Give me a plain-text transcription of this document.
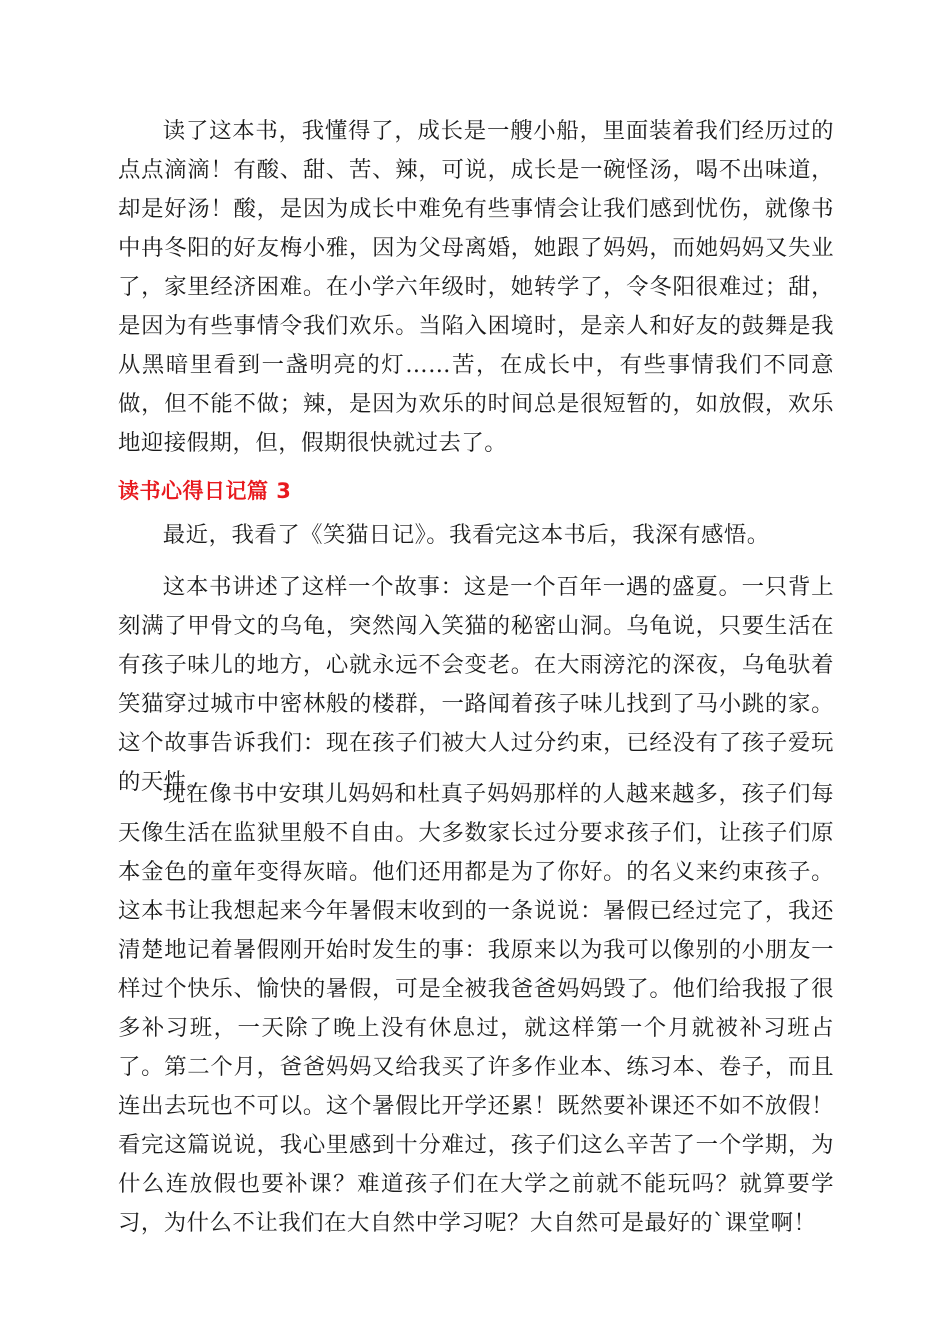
读了这本书，我懂得了，成长是一艘小船，里面装着我们经历过的点点滴滴！有酸、甜、苦、辣，可说，成长是一碗怪汤，喝不出味道，却是好汤！酸，是因为成长中难免有些事情会让我们感到忧伤，就像书中冉冬阳的好友梅小雅，因为父母离婚，她跟了妈妈，而她妈妈又失业了，家里经济困难。在小学六年级时，她转学了，令冬阳很难过；甜，是因为有些事情令我们欢乐。当陷入困境时，是亲人和好友的鼓舞是我从黑暗里看到一盏明亮的灯……苦，在成长中，有些事情我们不同意做，但不能不做；辣，是因为欢乐的时间总是很短暂的，如放假，欢乐地迎接假期，但，假期很快就过去了。

读书心得日记篇 3

最近，我看了《笑猫日记》。我看完这本书后，我深有感悟。

这本书讲述了这样一个故事：这是一个百年一遇的盛夏。一只背上刻满了甲骨文的乌龟，突然闯入笑猫的秘密山洞。乌龟说，只要生活在有孩子味儿的地方，心就永远不会变老。在大雨滂沱的深夜，乌龟驮着笑猫穿过城市中密林般的楼群，一路闻着孩子味儿找到了马小跳的家。这个故事告诉我们：现在孩子们被大人过分约束，已经没有了孩子爱玩的天性。

现在像书中安琪儿妈妈和杜真子妈妈那样的人越来越多，孩子们每天像生活在监狱里般不自由。大多数家长过分要求孩子们，让孩子们原本金色的童年变得灰暗。他们还用都是为了你好。的名义来约束孩子。这本书让我想起来今年暑假末收到的一条说说：暑假已经过完了，我还清楚地记着暑假刚开始时发生的事：我原来以为我可以像别的小朋友一样过个快乐、愉快的暑假，可是全被我爸爸妈妈毁了。他们给我报了很多补习班，一天除了晚上没有休息过，就这样第一个月就被补习班占了。第二个月，爸爸妈妈又给我买了许多作业本、练习本、卷子，而且连出去玩也不可以。这个暑假比开学还累！既然要补课还不如不放假！看完这篇说说，我心里感到十分难过，孩子们这么辛苦了一个学期，为什么连放假也要补课？难道孩子们在大学之前就不能玩吗？就算要学习，为什么不让我们在大自然中学习呢？大自然可是最好的`课堂啊！
